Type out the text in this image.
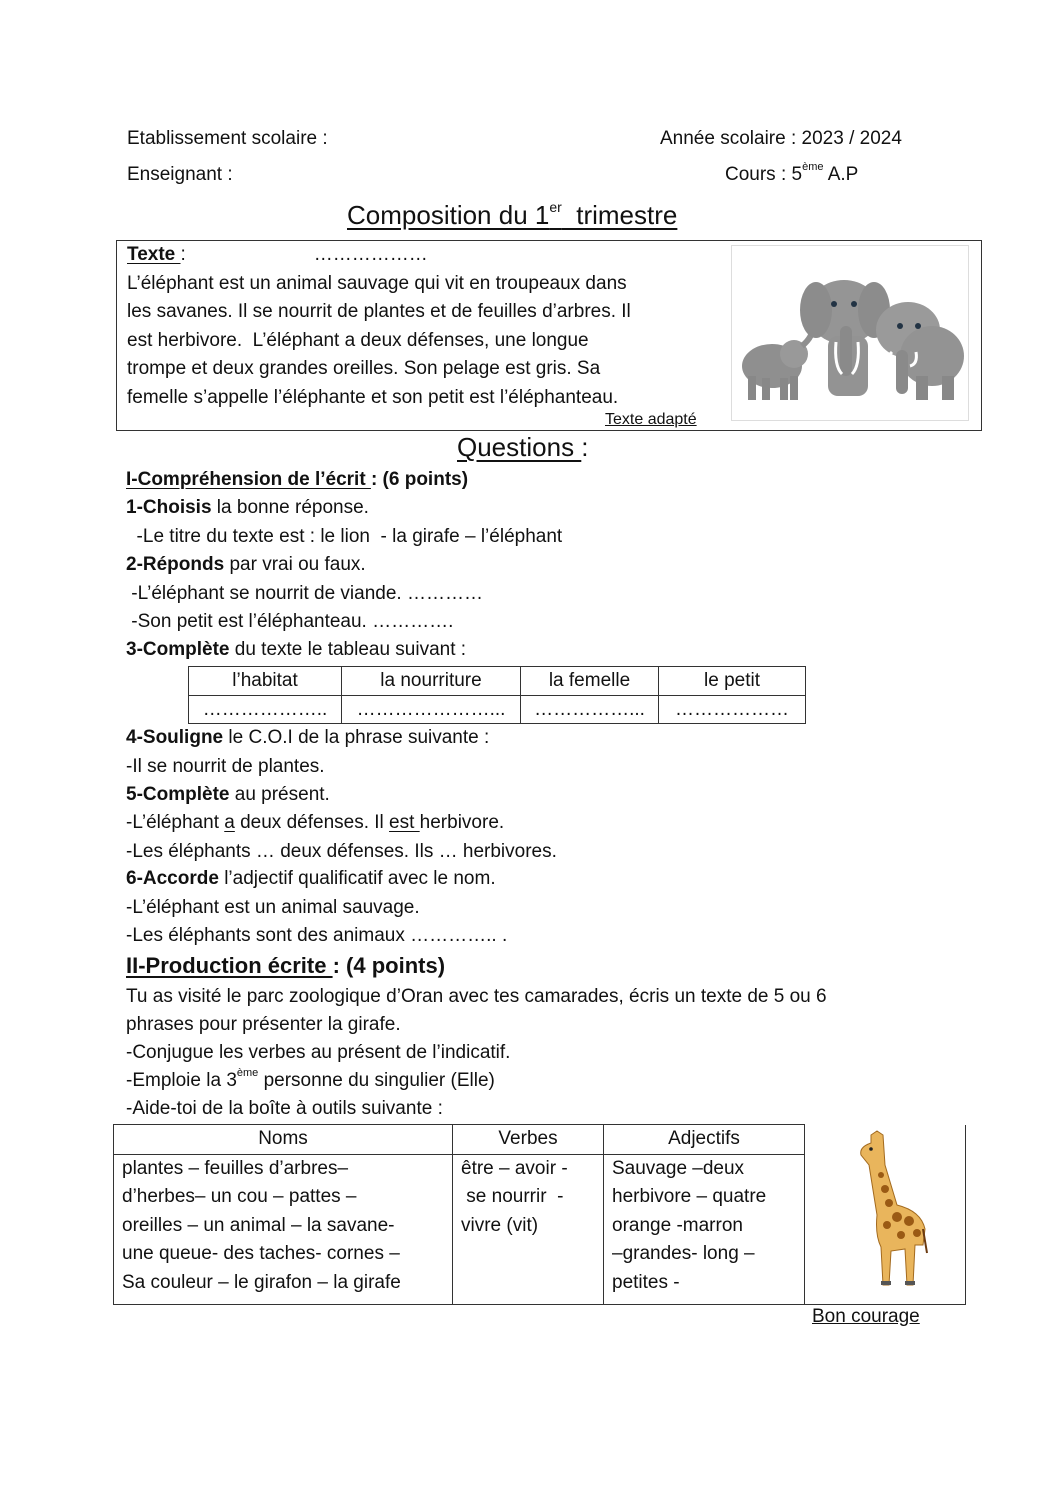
Etablissement scolaire :	Année scolaire : 2023 / 2024
Enseignant :	Cours : 5ème A.P
Composition du 1er  trimestre
Texte :	………………
L’éléphant est un animal sauvage qui vit en troupeaux dans
les savanes. Il se nourrit de plantes et de feuilles d’arbres. Il
est herbivore.  L’éléphant a deux défenses, une longue
trompe et deux grandes oreilles. Son pelage est gris. Sa
femelle s’appelle l’éléphante et son petit est l’éléphanteau.
Texte adapté
Questions :
I-Compréhension de l’écrit : (6 points)
1-Choisis la bonne réponse.
-Le titre du texte est : le lion  - la girafe – l’éléphant
2-Réponds par vrai ou faux.
-L’éléphant se nourrit de viande. …………
-Son petit est l’éléphanteau. ………….
3-Complète du texte le tableau suivant :
l’habitat	la nourriture	la femelle	le petit
………………..	…………………...	……………...	………………
4-Souligne le C.O.I de la phrase suivante :
-Il se nourrit de plantes.
5-Complète au présent.
-L’éléphant a deux défenses. Il est herbivore.
-Les éléphants … deux défenses. Ils … herbivores.
6-Accorde l’adjectif qualificatif avec le nom.
-L’éléphant est un animal sauvage.
-Les éléphants sont des animaux ………….. .
II-Production écrite : (4 points)
Tu as visité le parc zoologique d’Oran avec tes camarades, écris un texte de 5 ou 6
phrases pour présenter la girafe.
-Conjugue les verbes au présent de l’indicatif.
-Emploie la 3ème personne du singulier (Elle)
-Aide-toi de la boîte à outils suivante :
Noms	Verbes	Adjectifs	

plantes – feuilles d’arbres–
d’herbes– un cou – pattes –
oreilles – un animal – la savane-
une queue- des taches- cornes –
Sa couleur – le girafon – la girafe

être – avoir -
se nourrir  -
vivre (vit)

Sauvage –deux
herbivore – quatre
orange -marron
–grandes- long –
petites -
Bon courage
